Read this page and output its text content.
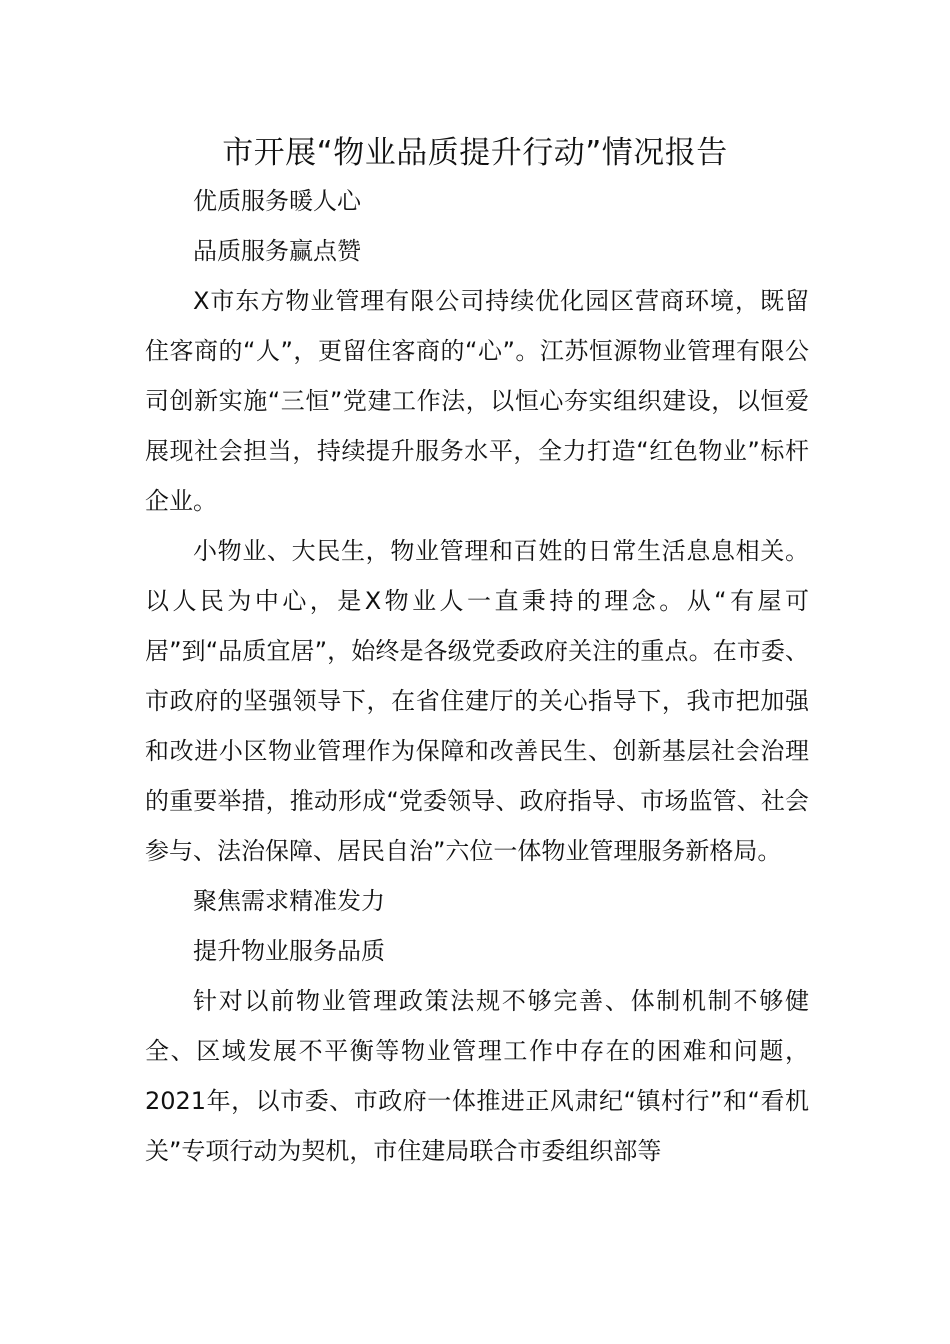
市开展“物业品质提升行动”情况报告

优质服务暖人心

品质服务赢点赞

X市东方物业管理有限公司持续优化园区营商环境，既留住客商的“人”，更留住客商的“心”。江苏恒源物业管理有限公司创新实施“三恒”党建工作法，以恒心夯实组织建设，以恒爱展现社会担当，持续提升服务水平，全力打造“红色物业”标杆企业。

小物业、大民生，物业管理和百姓的日常生活息息相关。以人民为中心，是X物业人一直秉持的理念。从“有屋可居”到“品质宜居”，始终是各级党委政府关注的重点。在市委、市政府的坚强领导下，在省住建厅的关心指导下，我市把加强和改进小区物业管理作为保障和改善民生、创新基层社会治理的重要举措，推动形成“党委领导、政府指导、市场监管、社会参与、法治保障、居民自治”六位一体物业管理服务新格局。

聚焦需求精准发力

提升物业服务品质

针对以前物业管理政策法规不够完善、体制机制不够健全、区域发展不平衡等物业管理工作中存在的困难和问题，2021年，以市委、市政府一体推进正风肃纪“镇村行”和“看机关”专项行动为契机，市住建局联合市委组织部等
